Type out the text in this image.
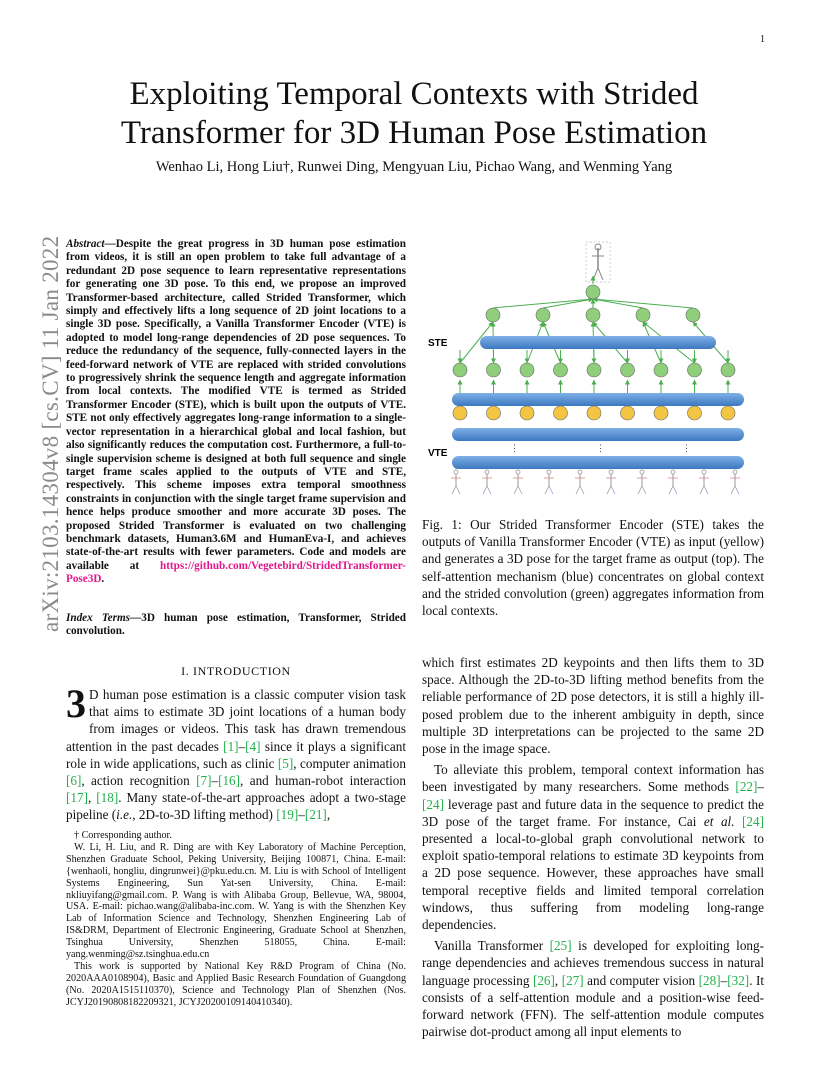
1
Exploiting Temporal Contexts with Strided
Transformer for 3D Human Pose Estimation
Wenhao Li, Hong Liu†, Runwei Ding, Mengyuan Liu, Pichao Wang, and Wenming Yang
arXiv:2103.14304v8 [cs.CV] 11 Jan 2022 Abstract—Despite the great progress in 3D human pose estimation from videos, it is still an open problem to take full advantage of a redundant 2D pose sequence to learn representative representations for generating one 3D pose. To this end, we propose an improved Transformer-based architecture, called Strided Transformer, which simply and effectively lifts a long sequence of 2D joint locations to a single 3D pose. Specifically, a Vanilla Transformer Encoder (VTE) is adopted to model long-range dependencies of 2D pose sequences. To reduce the redundancy of the sequence, fully-connected layers in the feed-forward network of VTE are replaced with strided convolutions to progressively shrink the sequence length and aggregate information from local contexts. The modified VTE is termed as Strided Transformer Encoder (STE), which is built upon the outputs of VTE. STE not only effectively aggregates long-range information to a single-vector representation in a hierarchical global and local fashion, but also significantly reduces the computation cost. Furthermore, a full-to-single supervision scheme is designed at both full sequence and single target frame scales applied to the outputs of VTE and STE, respectively. This scheme imposes extra temporal smoothness constraints in conjunction with the single target frame supervision and hence helps produce smoother and more accurate 3D poses. The proposed Strided Transformer is evaluated on two challenging benchmark datasets, Human3.6M and HumanEva-I, and achieves state-of-the-art results with fewer parameters. Code and models are available at https://github.com/Vegetebird/StridedTransformer-Pose3D.
Index Terms—3D human pose estimation, Transformer, Strided convolution.
I. INTRODUCTION
3 D human pose estimation is a classic computer vision task that aims to estimate 3D joint locations of a human body from images or videos. This task has drawn tremendous attention in the past decades [1]–[4] since it plays a significant role in wide applications, such as clinic [5], computer animation [6], action recognition [7]–[16], and human-robot interaction [17], [18]. Many state-of-the-art approaches adopt a two-stage pipeline (i.e., 2D-to-3D lifting method) [19]–[21],

† Corresponding author.

W. Li, H. Liu, and R. Ding are with Key Laboratory of Machine Perception, Shenzhen Graduate School, Peking University, Beijing 100871, China. E-mail: {wenhaoli, hongliu, dingrunwei}@pku.edu.cn. M. Liu is with School of Intelligent Systems Engineering, Sun Yat-sen University, China. E-mail: nkliuyifang@gmail.com. P. Wang is with Alibaba Group, Bellevue, WA, 98004, USA. E-mail: pichao.wang@alibaba-inc.com. W. Yang is with the Shenzhen Key Lab of Information Science and Technology, Shenzhen Engineering Lab of IS&DRM, Department of Electronic Engineering, Graduate School at Shenzhen, Tsinghua University, Shenzhen 518055, China. E-mail: yang.wenming@sz.tsinghua.edu.cn

This work is supported by National Key R&D Program of China (No. 2020AAA0108904), Basic and Applied Basic Research Foundation of Guangdong (No. 2020A1515110370), Science and Technology Plan of Shenzhen (Nos. JCYJ20190808182209321, JCYJ20200109140410340).

⋮	⋮	⋮
STE
VTE
Fig. 1: Our Strided Transformer Encoder (STE) takes the outputs of Vanilla Transformer Encoder (VTE) as input (yellow) and generates a 3D pose for the target frame as output (top). The self-attention mechanism (blue) concentrates on global context and the strided convolution (green) aggregates information from local contexts.

which first estimates 2D keypoints and then lifts them to 3D space. Although the 2D-to-3D lifting method benefits from the reliable performance of 2D pose detectors, it is still a highly ill-posed problem due to the inherent ambiguity in depth, since multiple 3D interpretations can be projected to the same 2D pose in the image space.

To alleviate this problem, temporal context information has been investigated by many researchers. Some methods [22]–[24] leverage past and future data in the sequence to predict the 3D pose of the target frame. For instance, Cai et al. [24] presented a local-to-global graph convolutional network to exploit spatio-temporal relations to estimate 3D keypoints from a 2D pose sequence. However, these approaches have small temporal receptive fields and limited temporal correlation windows, thus suffering from modeling long-range dependencies.

Vanilla Transformer [25] is developed for exploiting long-range dependencies and achieves tremendous success in natural language processing [26], [27] and computer vision [28]–[32]. It consists of a self-attention module and a position-wise feed-forward network (FFN). The self-attention module computes pairwise dot-product among all input elements to
